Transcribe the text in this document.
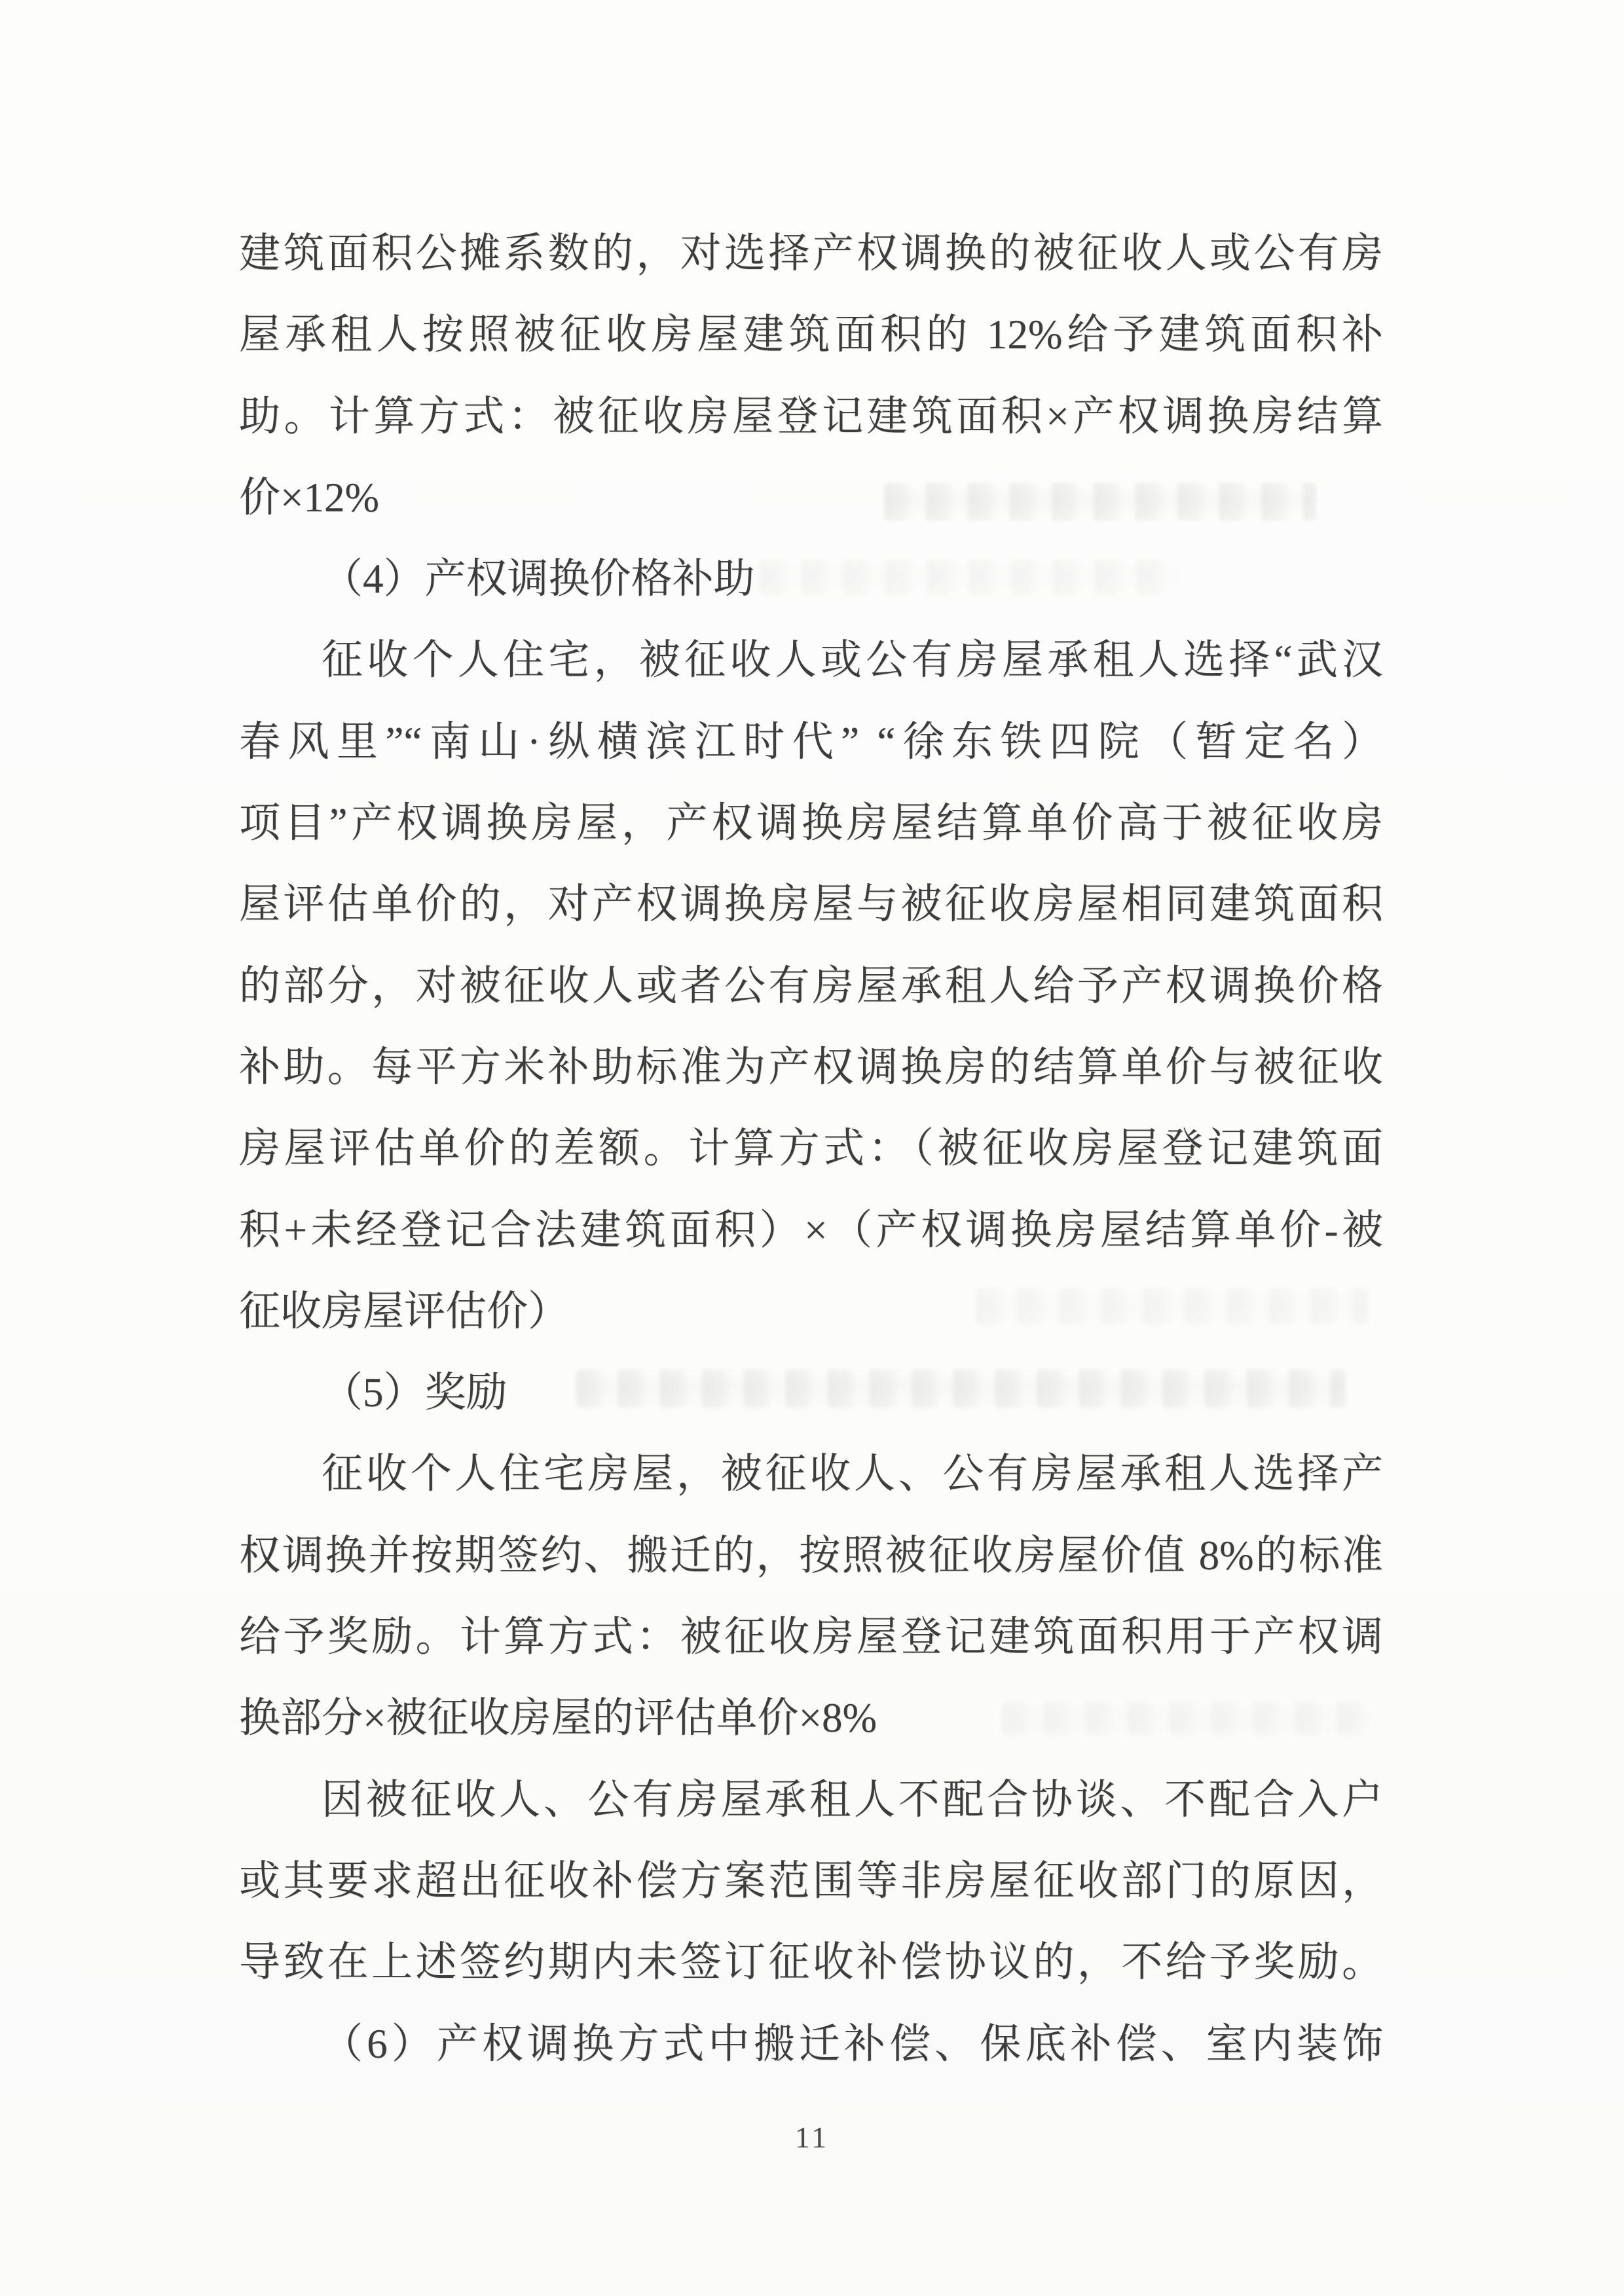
建筑面积公摊系数的，对选择产权调换的被征收人或公有房
屋承租人按照被征收房屋建筑面积的 12%给予建筑面积补
助。计算方式：被征收房屋登记建筑面积×产权调换房结算
价×12%
（4）产权调换价格补助
征收个人住宅，被征收人或公有房屋承租人选择“武汉
春风里”“南山·纵横滨江时代” “徐东铁四院（暂定名）
项目”产权调换房屋，产权调换房屋结算单价高于被征收房
屋评估单价的，对产权调换房屋与被征收房屋相同建筑面积
的部分，对被征收人或者公有房屋承租人给予产权调换价格
补助。每平方米补助标准为产权调换房的结算单价与被征收
房屋评估单价的差额。计算方式：（被征收房屋登记建筑面
积+未经登记合法建筑面积）×（产权调换房屋结算单价-被
征收房屋评估价）
（5）奖励
征收个人住宅房屋，被征收人、公有房屋承租人选择产
权调换并按期签约、搬迁的，按照被征收房屋价值 8%的标准
给予奖励。计算方式：被征收房屋登记建筑面积用于产权调
换部分×被征收房屋的评估单价×8%
因被征收人、公有房屋承租人不配合协谈、不配合入户
或其要求超出征收补偿方案范围等非房屋征收部门的原因，
导致在上述签约期内未签订征收补偿协议的，不给予奖励。
（6）产权调换方式中搬迁补偿、保底补偿、室内装饰
11
